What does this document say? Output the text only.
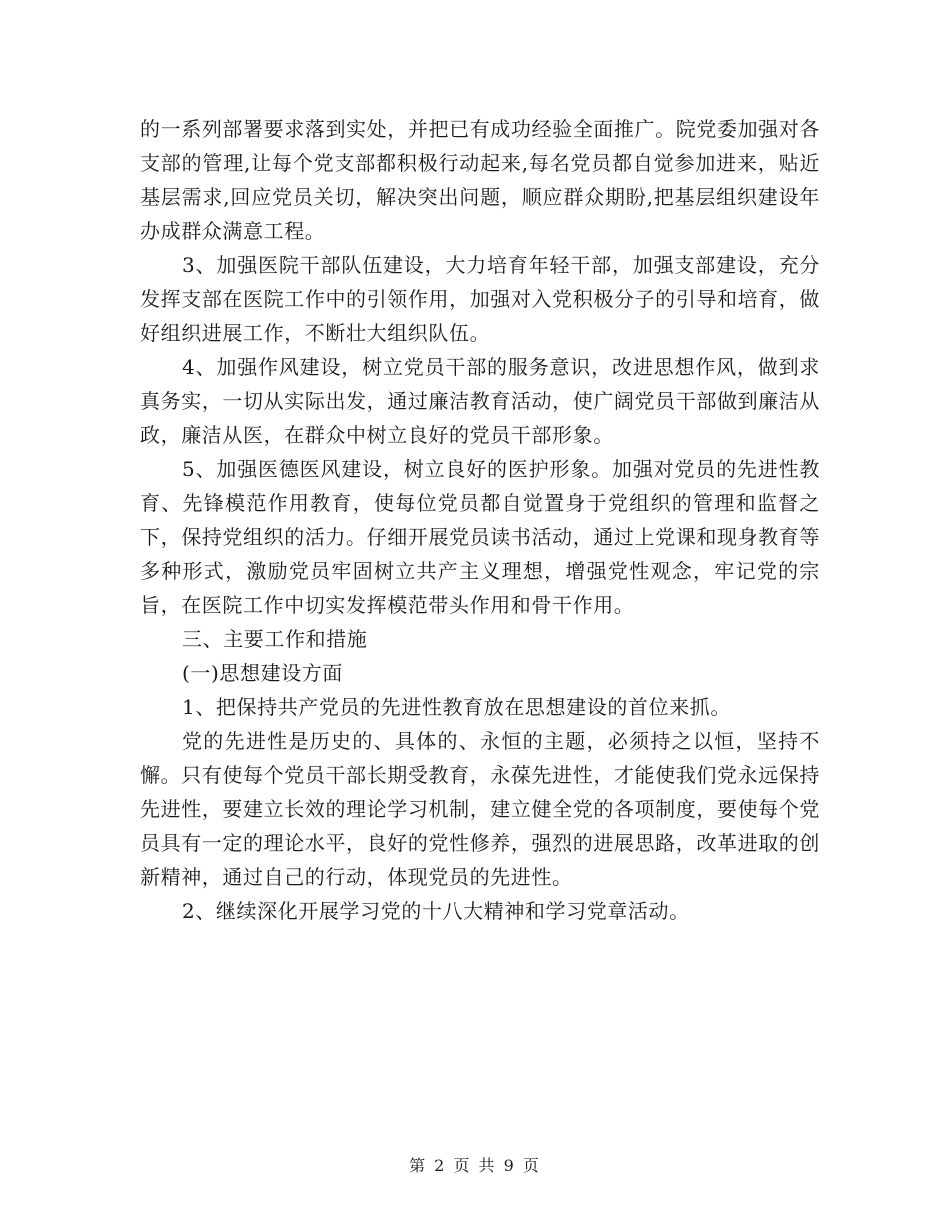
的一系列部署要求落到实处，并把已有成功经验全面推广。院党委加强对各支部的管理,让每个党支部都积极行动起来,每名党员都自觉参加进来，贴近基层需求,回应党员关切，解决突出问题，顺应群众期盼,把基层组织建设年办成群众满意工程。

3、加强医院干部队伍建设，大力培育年轻干部，加强支部建设，充分发挥支部在医院工作中的引领作用，加强对入党积极分子的引导和培育，做好组织进展工作，不断壮大组织队伍。

4、加强作风建设，树立党员干部的服务意识，改进思想作风，做到求真务实，一切从实际出发，通过廉洁教育活动，使广阔党员干部做到廉洁从政，廉洁从医，在群众中树立良好的党员干部形象。

5、加强医德医风建设，树立良好的医护形象。加强对党员的先进性教育、先锋模范作用教育，使每位党员都自觉置身于党组织的管理和监督之下，保持党组织的活力。仔细开展党员读书活动，通过上党课和现身教育等多种形式，激励党员牢固树立共产主义理想，增强党性观念，牢记党的宗旨，在医院工作中切实发挥模范带头作用和骨干作用。

三、主要工作和措施

(一)思想建设方面

1、把保持共产党员的先进性教育放在思想建设的首位来抓。

党的先进性是历史的、具体的、永恒的主题，必须持之以恒，坚持不懈。只有使每个党员干部长期受教育，永葆先进性，才能使我们党永远保持先进性，要建立长效的理论学习机制，建立健全党的各项制度，要使每个党员具有一定的理论水平，良好的党性修养，强烈的进展思路，改革进取的创新精神，通过自己的行动，体现党员的先进性。

2、继续深化开展学习党的十八大精神和学习党章活动。

第 2 页 共 9 页
